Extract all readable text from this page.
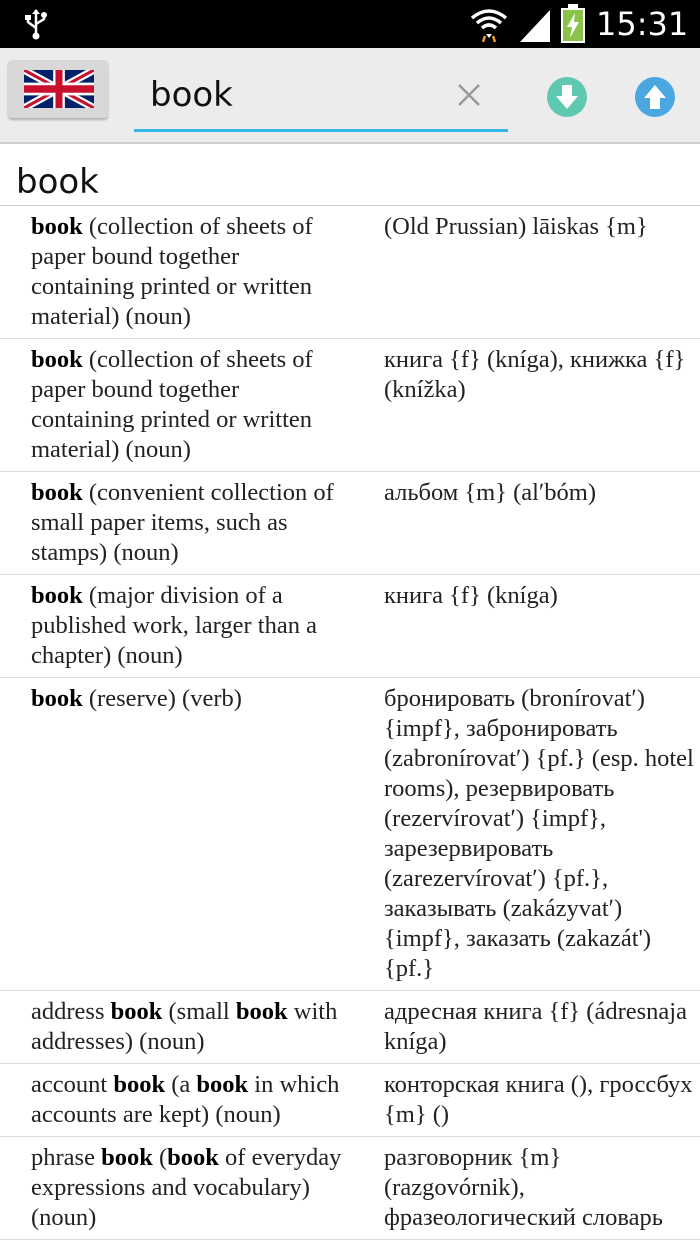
15:31
book
book
book (collection of sheets of paper bound together containing printed or written material) (noun)
(Old Prussian) lāiskas {m}
book (collection of sheets of paper bound together containing printed or written material) (noun)
книга {f} (kníga), книжка {f} (knížka)
book (convenient collection of small paper items, such as stamps) (noun)
альбом {m} (alʹbóm)
book (major division of a published work, larger than a chapter) (noun)
книга {f} (kníga)
book (reserve) (verb)	бронировать (bronírovatʹ) {impf}, забронировать (zabronírovatʹ) {pf.} (esp. hotel rooms), резервировать (rezervírovatʹ) {impf}, зарезервировать (zarezervírovatʹ) {pf.}, заказывать (zakázyvatʹ) {impf}, заказать (zakazát') {pf.}
address book (small book with addresses) (noun)
адресная книга {f} (ádresnaja kníga)
account book (a book in which accounts are kept) (noun)
конторская книга (), гроссбух {m} ()
phrase book (book of everyday expressions and vocabulary) (noun)
разговорник {m} (razgovórnik), фразеологический словарь
